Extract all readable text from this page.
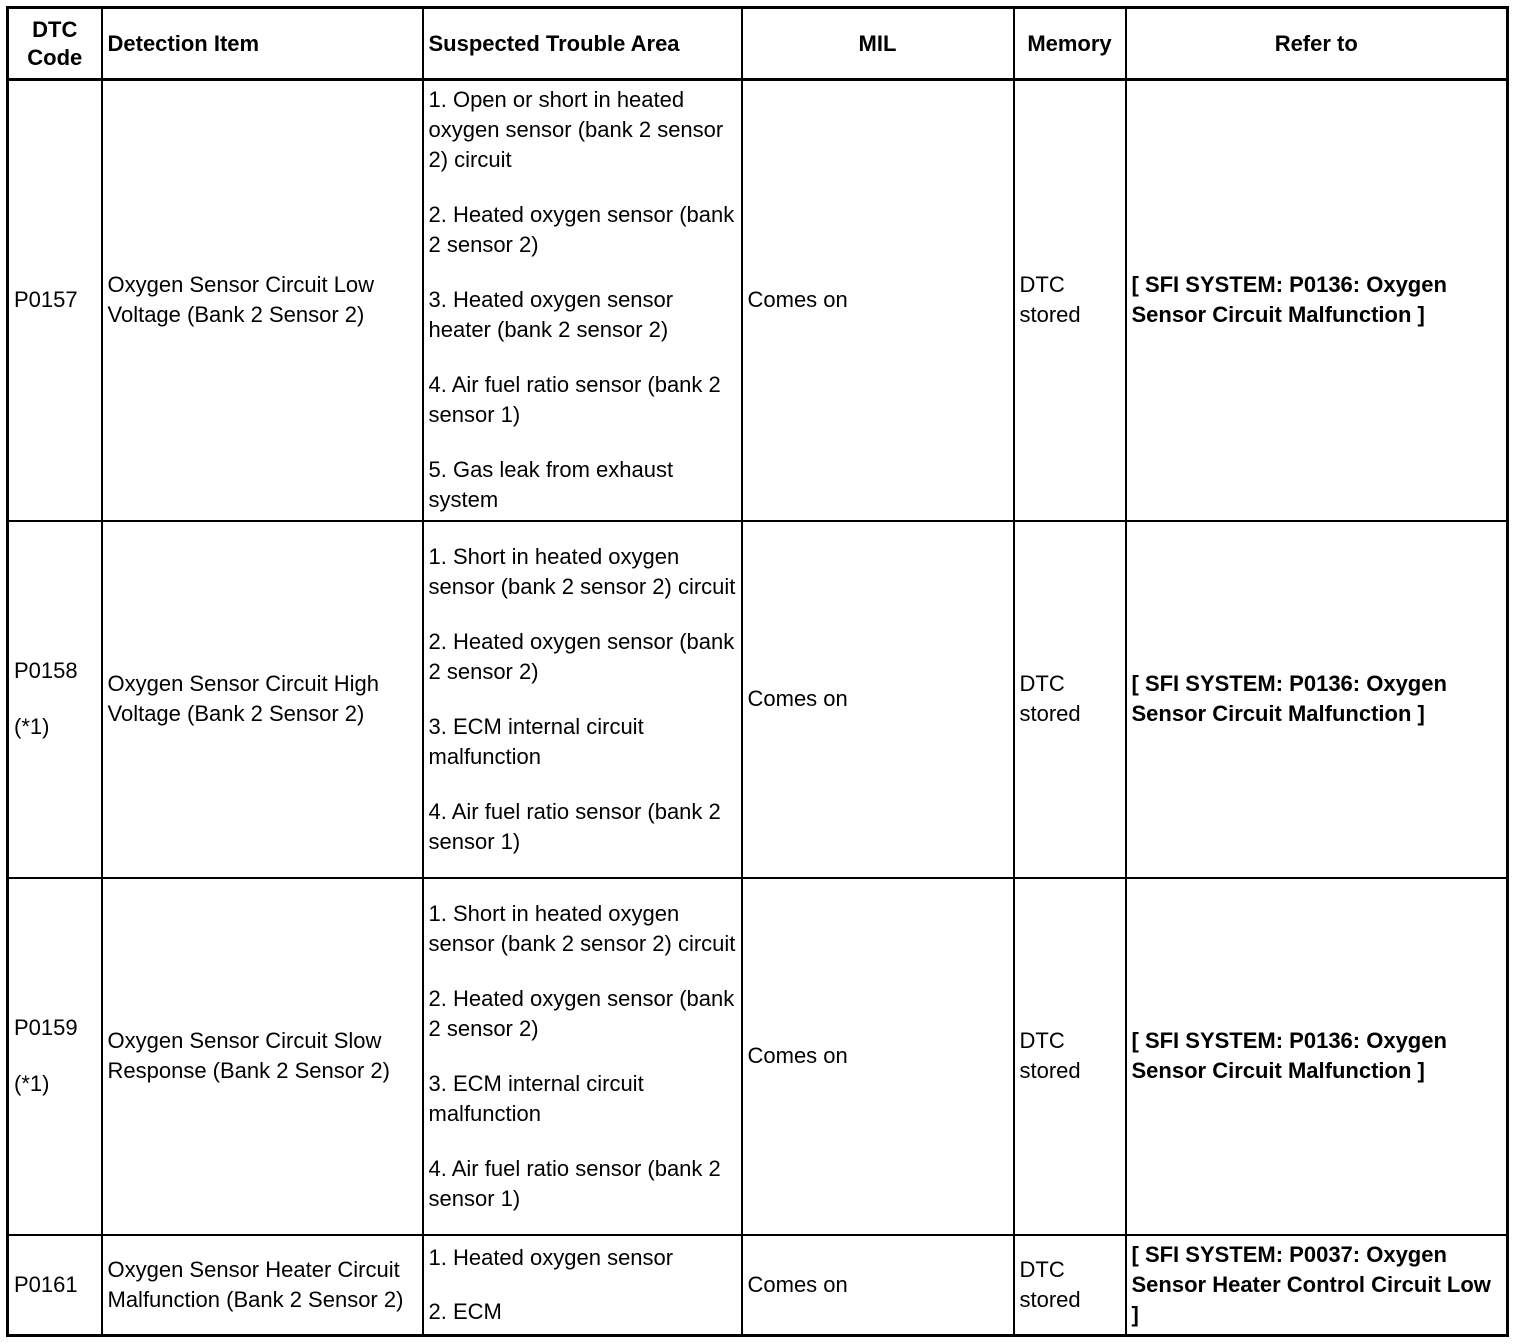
DTC
Code	Detection Item	Suspected Trouble Area	MIL	Memory	Refer to

P0157	Oxygen Sensor Circuit Low Voltage (Bank 2 Sensor 2)	1. Open or short in heated oxygen sensor (bank 2 sensor 2) circuit
2. Heated oxygen sensor (bank 2 sensor 2)
3. Heated oxygen sensor heater (bank 2 sensor 2)
4. Air fuel ratio sensor (bank 2 sensor 1)
5. Gas leak from exhaust system	Comes on	DTC stored	[ SFI SYSTEM: P0136: Oxygen Sensor Circuit Malfunction ]

P0158
(*1)	Oxygen Sensor Circuit High Voltage (Bank 2 Sensor 2)	1. Short in heated oxygen sensor (bank 2 sensor 2) circuit
2. Heated oxygen sensor (bank 2 sensor 2)
3. ECM internal circuit malfunction
4. Air fuel ratio sensor (bank 2 sensor 1)	Comes on	DTC stored	[ SFI SYSTEM: P0136: Oxygen Sensor Circuit Malfunction ]

P0159
(*1)	Oxygen Sensor Circuit Slow Response (Bank 2 Sensor 2)	1. Short in heated oxygen sensor (bank 2 sensor 2) circuit
2. Heated oxygen sensor (bank 2 sensor 2)
3. ECM internal circuit malfunction
4. Air fuel ratio sensor (bank 2 sensor 1)	Comes on	DTC stored	[ SFI SYSTEM: P0136: Oxygen Sensor Circuit Malfunction ]

P0161	Oxygen Sensor Heater Circuit Malfunction (Bank 2 Sensor 2)	1. Heated oxygen sensor
2. ECM	Comes on	DTC stored	[ SFI SYSTEM: P0037: Oxygen Sensor Heater Control Circuit Low ]
